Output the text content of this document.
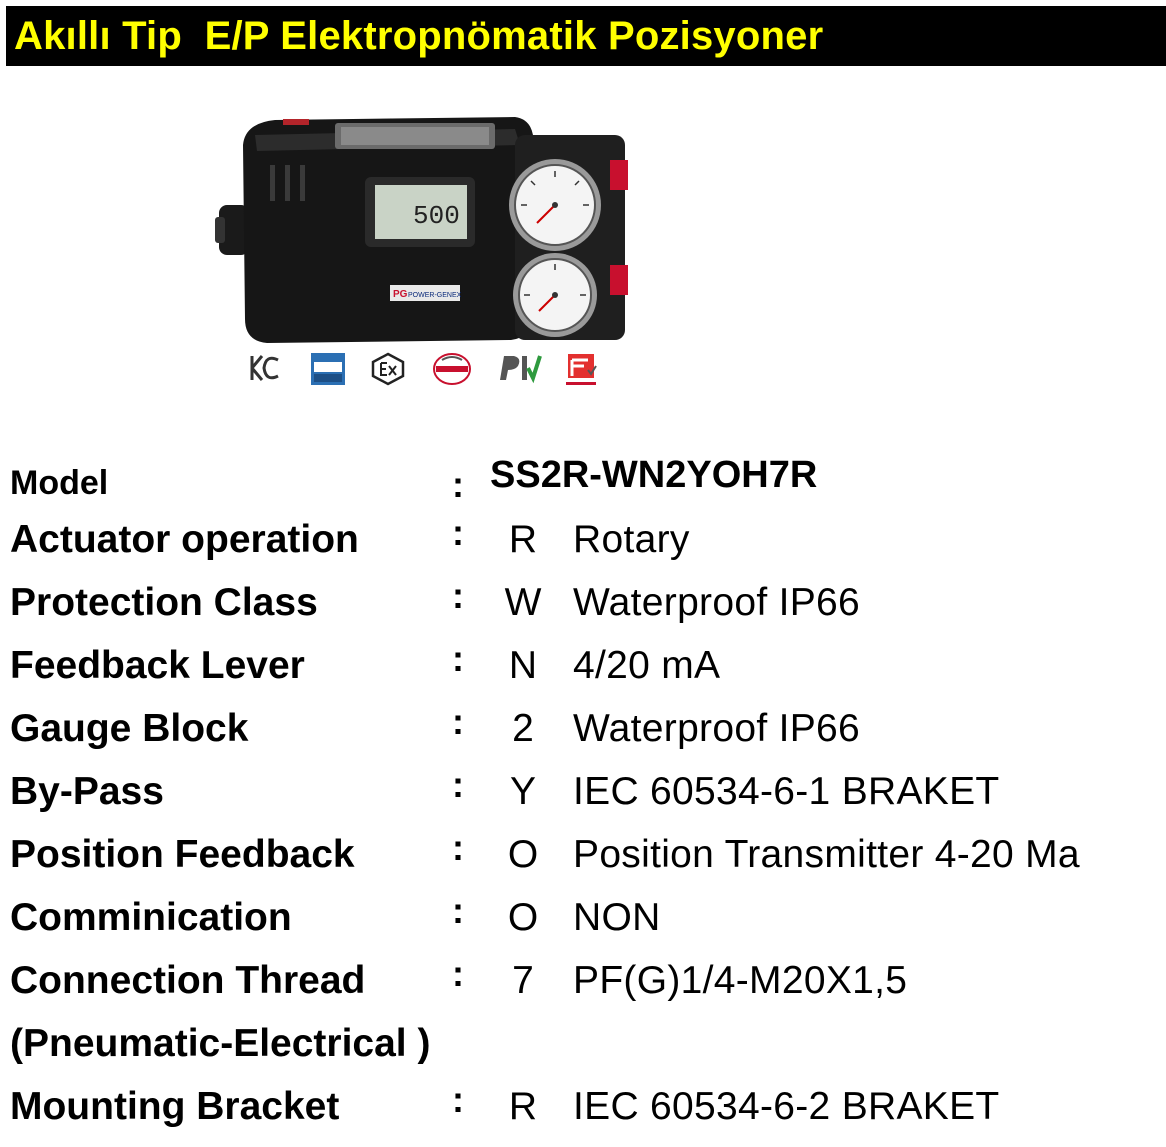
Akıllı Tip  E/P Elektropnömatik Pozisyoner
500
PG POWER-GENEX
Model	: SS2R-WN2YOH7R
Actuator operation	: R Rotary
Protection Class	: W Waterproof IP66
Feedback Lever	: N 4/20 mA
Gauge Block	:	2	Waterproof IP66
By-Pass	: Y IEC 60534-6-1 BRAKET
Position Feedback	: O Position Transmitter 4-20 Ma
Comminication	: O NON
Connection Thread :	7	PF(G)1/4-M20X1,5
(Pneumatic-Electrical )
Mounting Bracket	: R IEC 60534-6-2 BRAKET
